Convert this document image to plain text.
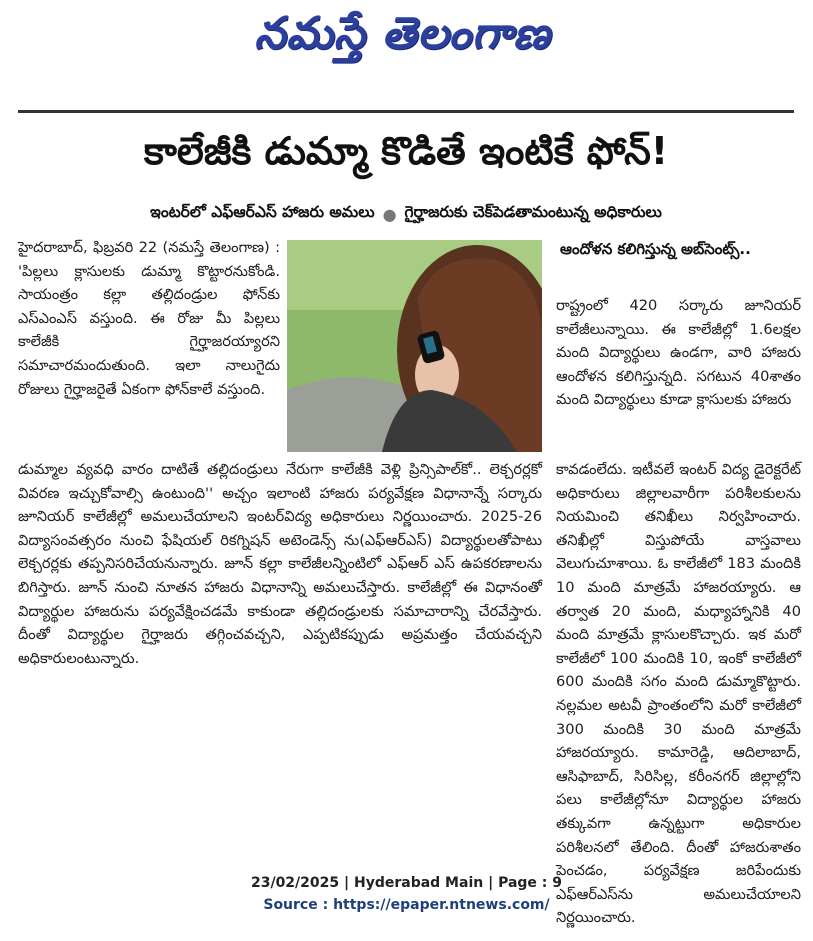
నమస్తే తెలంగాణ
కాలేజీకి డుమ్మా కొడితే ఇంటికే ఫోన్!
ఇంటర్‌లో ఎఫ్‌ఆర్‌ఎస్ హాజరు అమలు ● గైర్హాజరుకు చెక్‌పెడతామంటున్న అధికారులు
హైదరాబాద్, ఫిబ్రవరి 22 (నమస్తే తెలంగాణ) : 'పిల్లలు క్లాసులకు డుమ్మా కొట్టారనుకోండి. సాయంత్రం కల్లా తల్లిదండ్రుల ఫోన్‌కు ఎస్‌ఎంఎస్ వస్తుంది. ఈ రోజు మీ పిల్లలు కాలేజీకి గైర్హాజరయ్యారని సమాచారమందుతుంది. ఇలా నాలుగైదు రోజులు గైర్హాజరైతే ఏకంగా ఫోన్‌కాలే వస్తుంది.
ఆందోళన కలిగిస్తున్న అబ్‌సెంట్స్..
రాష్ట్రంలో 420 సర్కారు జూనియర్ కాలేజీలున్నాయి. ఈ కాలేజీల్లో 1.6లక్షల మంది విద్యార్థులు ఉండగా, వారి హాజరు ఆందోళన కలిగిస్తున్నది. సగటున 40శాతం మంది విద్యార్థులు కూడా క్లాసులకు హాజరు
డుమ్మాల వ్యవధి వారం దాటితే తల్లిదండ్రులు నేరుగా కాలేజీకి వెళ్లి ప్రిన్సిపాల్‌కో.. లెక్చరర్లకో వివరణ ఇచ్చుకోవాల్సి ఉంటుంది'' అచ్చం ఇలాంటి హాజరు పర్యవేక్షణ విధానాన్నే సర్కారు జూనియర్ కాలేజీల్లో అమలుచేయాలని ఇంటర్‌విద్య అధికారులు నిర్ణయించారు. 2025-26 విద్యాసంవత్సరం నుంచి ఫేషియల్ రికగ్నిషన్ అటెండెన్స్ ను(ఎఫ్‌ఆర్‌ఎస్) విద్యార్థులతోపాటు లెక్చరర్లకు తప్పనిసరిచేయనున్నారు. జూన్ కల్లా కాలేజీలన్నింటిలో ఎఫ్‌ఆర్ ఎస్ ఉపకరణాలను బిగిస్తారు. జూన్ నుంచి నూతన హాజరు విధానాన్ని అమలుచేస్తారు. కాలేజీల్లో ఈ విధానంతో విద్యార్థుల హాజరును పర్యవేక్షించడమే కాకుండా తల్లిదండ్రులకు సమాచారాన్ని చేరవేస్తారు. దీంతో విద్యార్థుల గైర్హాజరు తగ్గించవచ్చని, ఎప్పటికప్పుడు అప్రమత్తం చేయవచ్చని అధికారులంటున్నారు.
కావడంలేదు. ఇటీవలే ఇంటర్ విద్య డైరెక్టరేట్ అధికారులు జిల్లాలవారీగా పరిశీలకులను నియమించి తనిఖీలు నిర్వహించారు. తనిఖీల్లో విస్తుపోయే వాస్తవాలు వెలుగుచూశాయి. ఓ కాలేజీలో 183 మందికి 10 మంది మాత్రమే హాజరయ్యారు. ఆ తర్వాత 20 మంది, మధ్యాహ్నానికి 40 మంది మాత్రమే క్లాసులకొచ్చారు. ఇక మరో కాలేజీలో 100 మందికి 10, ఇంకో కాలేజీలో 600 మందికి సగం మంది డుమ్మాకొట్టారు. నల్లమల అటవీ ప్రాంతంలోని మరో కాలేజీలో 300 మందికి 30 మంది మాత్రమే హాజరయ్యారు. కామారెడ్డి, ఆదిలాబాద్, ఆసిఫాబాద్, సిరిసిల్ల, కరీంనగర్ జిల్లాల్లోని పలు కాలేజీల్లోనూ విద్యార్థుల హాజరు తక్కువగా ఉన్నట్టుగా అధికారుల పరిశీలనలో తేలింది. దీంతో హాజరుశాతం పెంచడం, పర్యవేక్షణ జరిపేందుకు ఎఫ్‌ఆర్‌ఎస్‌ను అమలుచేయాలని నిర్ణయించారు.
23/02/2025 | Hyderabad Main | Page : 9
Source : https://epaper.ntnews.com/
